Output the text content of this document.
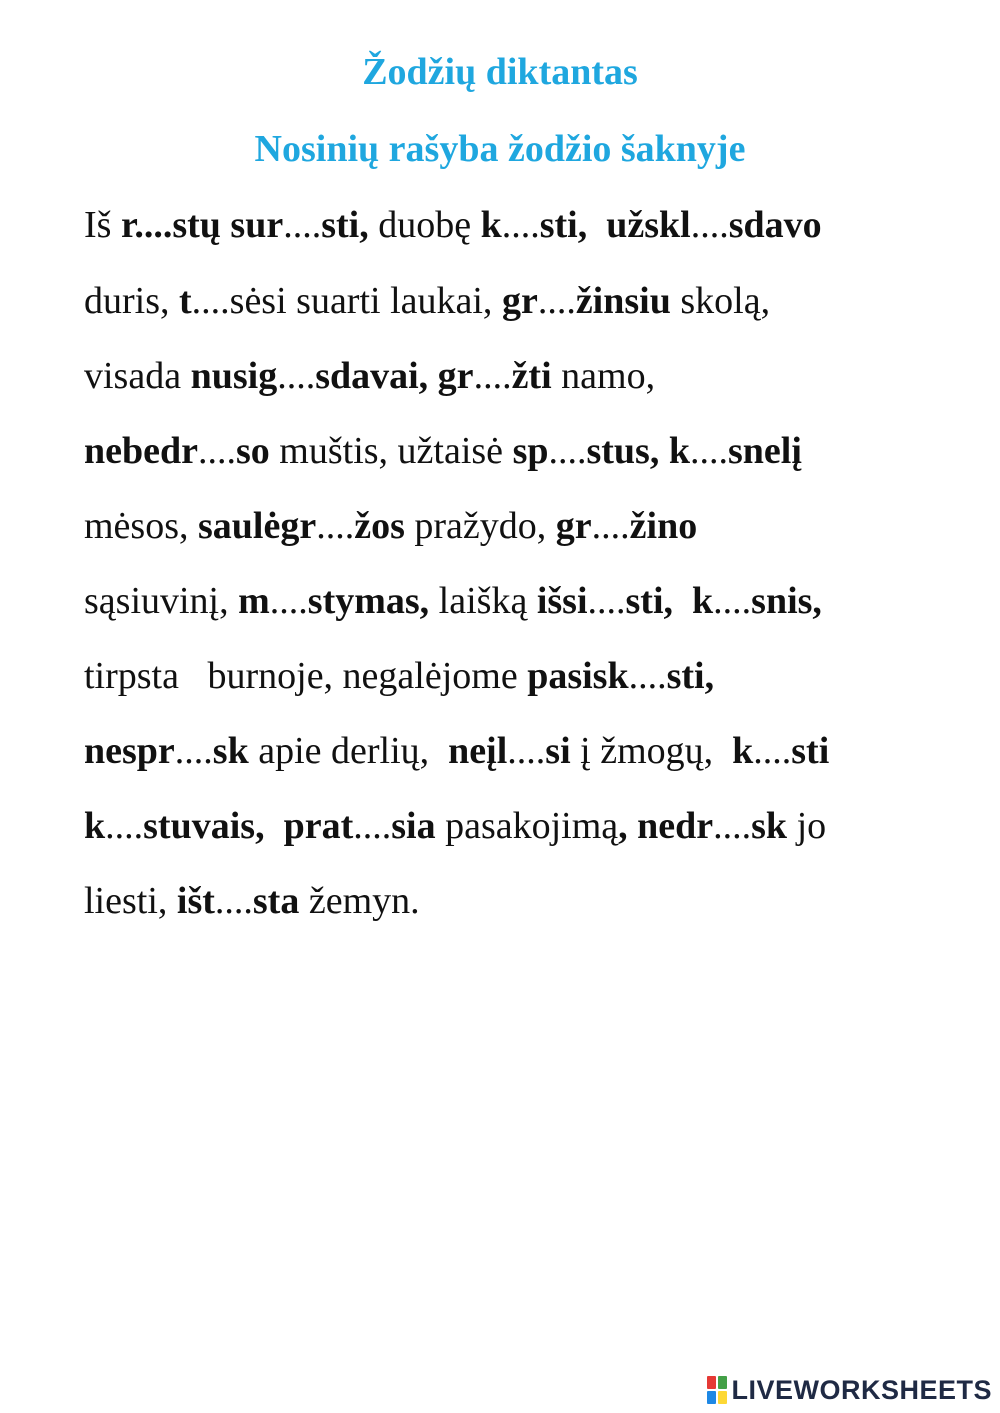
Žodžių diktantas
Nosinių rašyba žodžio šaknyje
Iš r....stų sur....sti, duobę k....sti, užskl....sdavo
duris, t....sėsi suarti laukai, gr....žinsiu skolą,
visada nusig....sdavai, gr....žti namo,
nebedr....so muštis, užtaisė sp....stus, k....snelį
mėsos, saulėgr....žos pražydo, gr....žino
sąsiuvinį, m....stymas, laišką išsi....sti, k....snis,
tirpsta   burnoje, negalėjome pasisk....sti,
nespr....sk apie derlių,  neįl....si į žmogų,  k....sti
k....stuvais,  prat....sia pasakojimą, nedr....sk jo
liesti, išt....sta žemyn.
LIVEWORKSHEETS
